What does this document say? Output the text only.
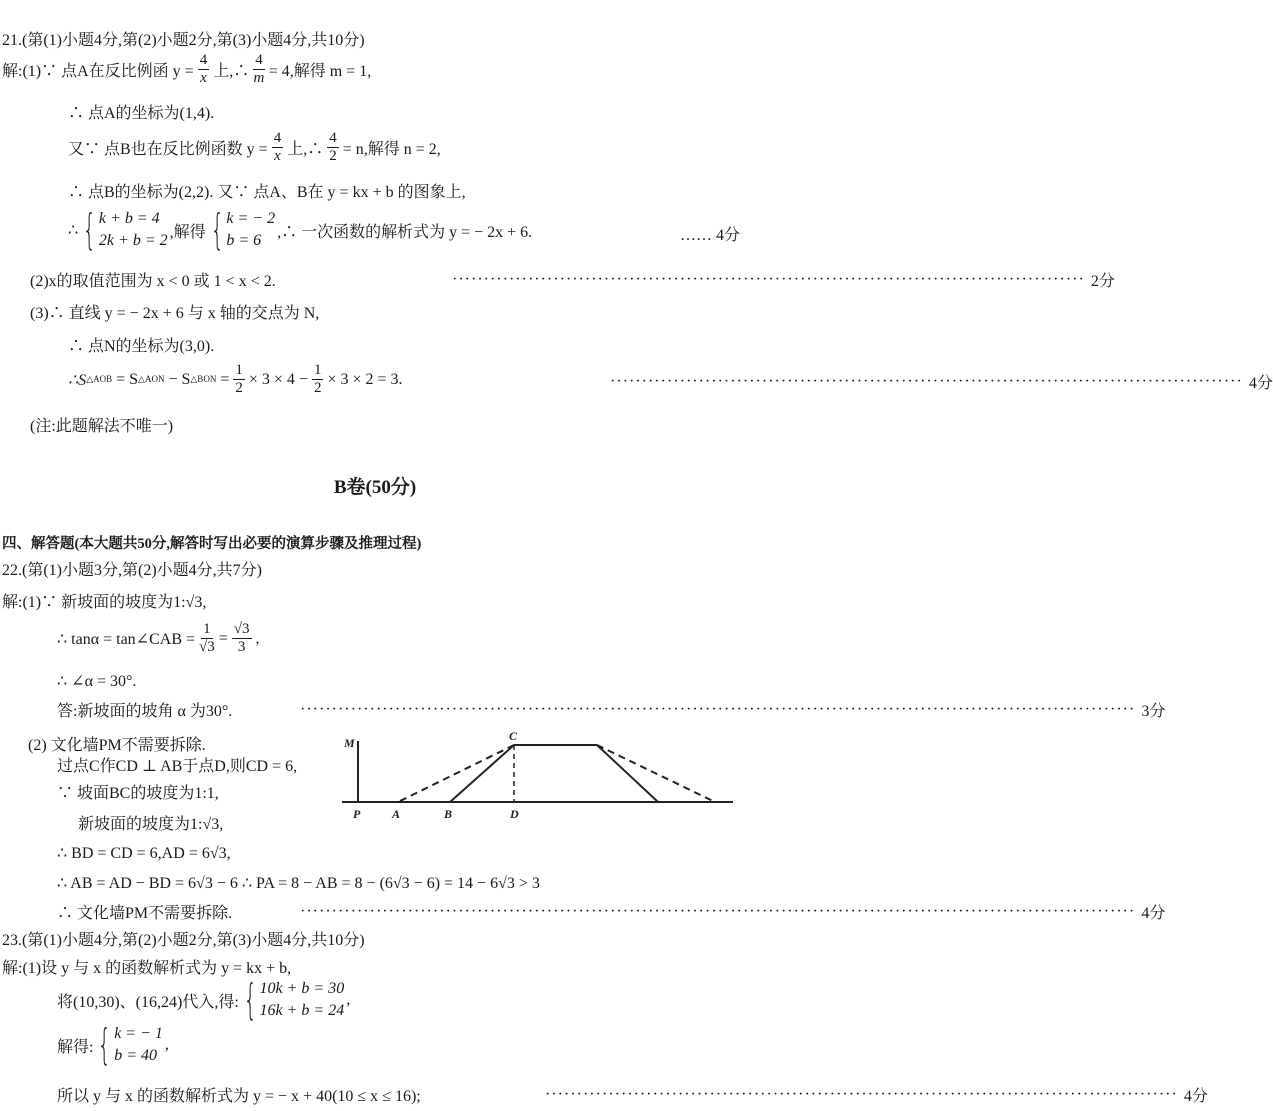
21.(第(1)小题4分,第(2)小题2分,第(3)小题4分,共10分)
解:(1)∵ 点A在反比例函 $y = \frac{4}{x}$ 上,∴ $\frac{4}{m} = 4$,解得 m = 1,
∴ 点A的坐标为(1,4).
又∵ 点B也在反比例函数 $y = \frac{4}{x}$ 上,∴ $\frac{4}{2} = n$,解得 n = 2,
∴ 点B的坐标为(2,2). 又∵ 点A、B在 y = kx + b 的图象上,
∴ { k + b = 4
2k + b = 2 ,解得 { k = − 2
b = 6 ,∴ 一次函数的解析式为 y = − 2x + 6.	…… 4分
(2)x的取值范围为 x < 0 或 1 < x < 2.	···································································································· 2分
(3)∴ 直线 y = − 2x + 6 与 x 轴的交点为 N,
∴ 点N的坐标为(3,0).
∴S △AOB
= S △AON
− S △BON
= $\frac{1}{2} \times 3 \times 4 - \frac{1}{2} \times 3 \times 2 = 3$.	···································································································· 4分
(注:此题解法不唯一)
B卷(50分)
四、解答题(本大题共50分,解答时写出必要的演算步骤及推理过程)
22.(第(1)小题3分,第(2)小题4分,共7分)
解:(1)∵ 新坡面的坡度为1:√3,
∴ tanα = tan∠CAB = $\frac{1}{√3} = \frac{√3}{3}$ ,
∴ ∠α = 30°.
答:新坡面的坡角 α 为30°.	···································································································································· 3分
(2) 文化墙PM不需要拆除.
过点C作CD ⊥ AB于点D,则CD = 6,
∵ 坡面BC的坡度为1:1,
新坡面的坡度为1:√3,
∴ BD = CD = 6,AD = 6√3,
∴ AB = AD − BD = 6√3 − 6 ∴ PA = 8 − AB = 8 − (6√3 − 6) = 14 − 6√3 > 3
∴ 文化墙PM不需要拆除.	···································································································································· 4分
M	C
P	A	B	D
23.(第(1)小题4分,第(2)小题2分,第(3)小题4分,共10分)
解:(1)设 y 与 x 的函数解析式为 y = kx + b,
将(10,30)、(16,24)代入,得: { 10k + b = 30
16k + b = 24
,
解得: { k = − 1
b = 40
,
所以 y 与 x 的函数解析式为 y = − x + 40(10 ≤ x ≤ 16);	···································································································· 4分
